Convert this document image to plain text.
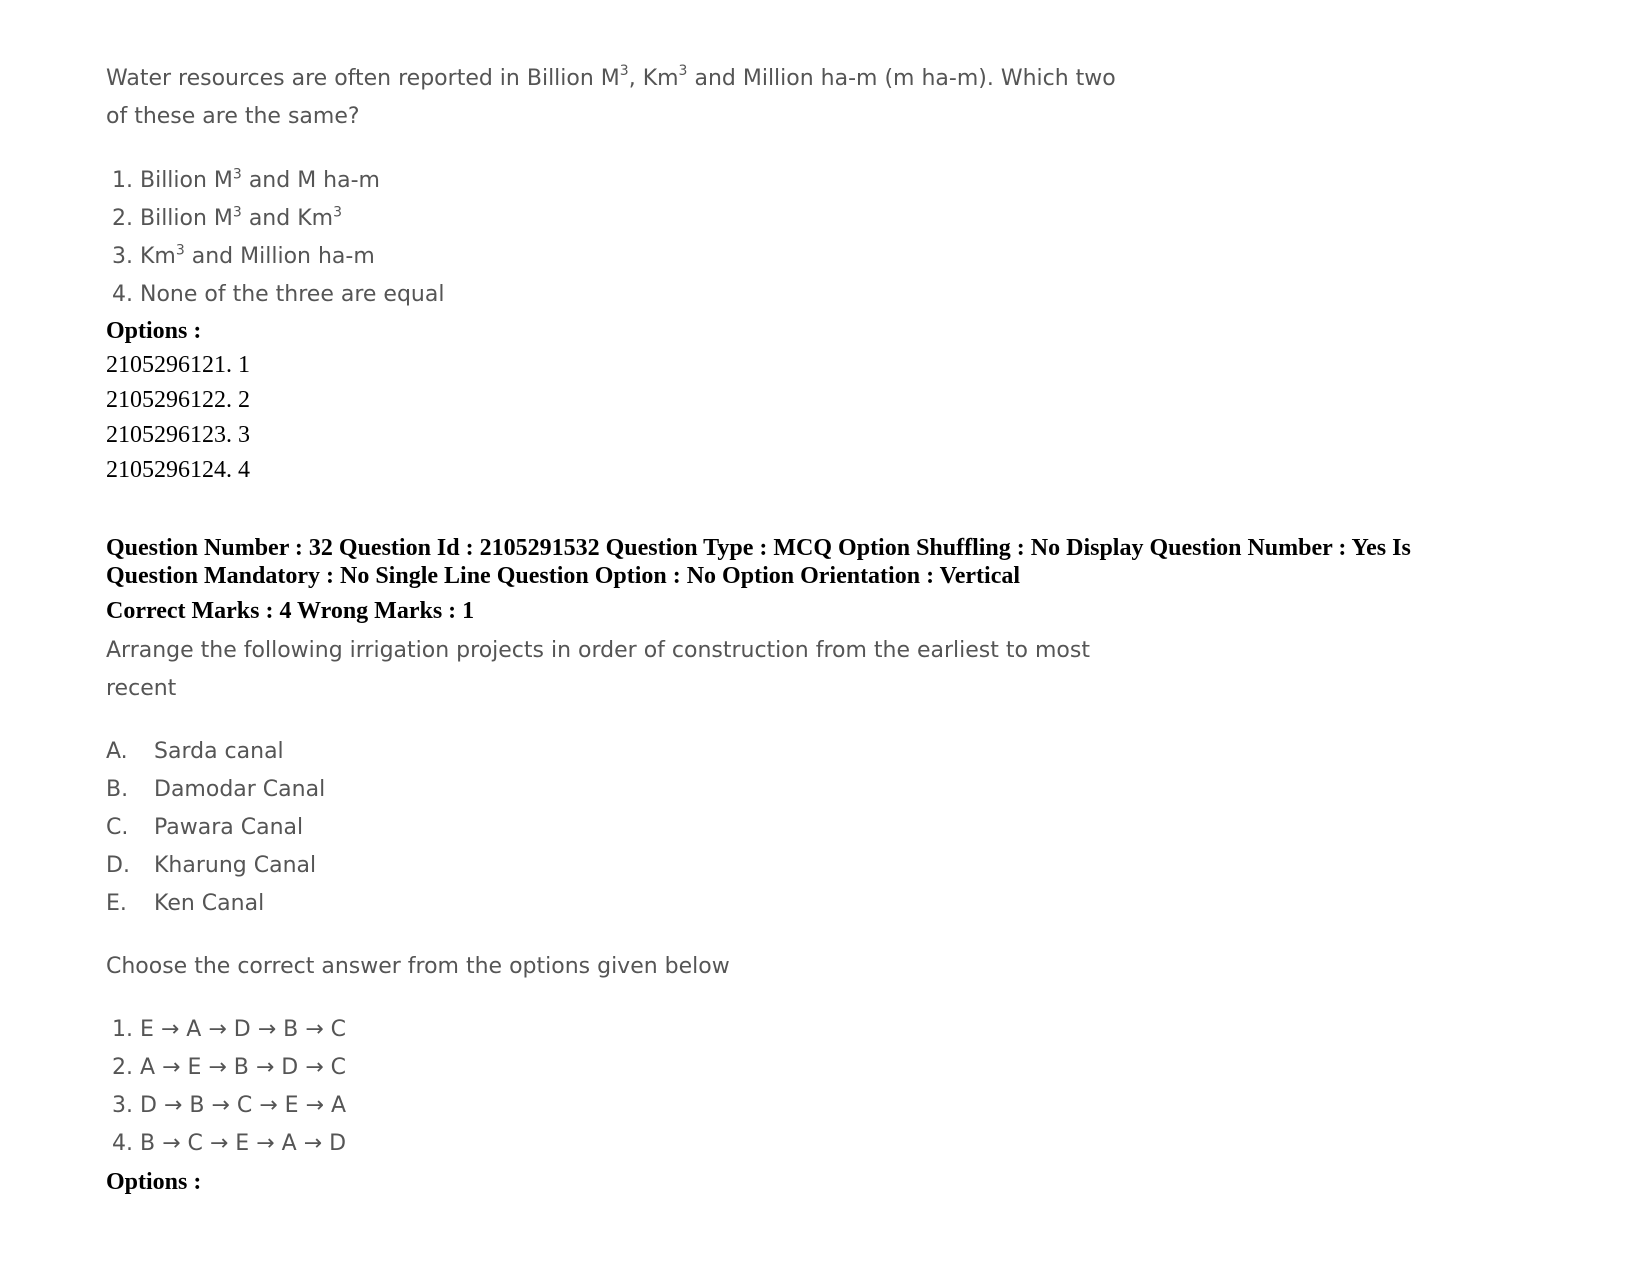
Water resources are often reported in Billion $M^3$, Km$^3$ and Million ha-m (m ha-m). Which two
of these are the same?
1. Billion $M^3$ and M ha-m
2. Billion $M^3$ and Km$^3$
3. Km$^3$ and Million ha-m
4. None of the three are equal
Options :
2105296121. 1
2105296122. 2
2105296123. 3
2105296124. 4
Question Number : 32 Question Id : 2105291532 Question Type : MCQ Option Shuffling : No Display Question Number : Yes Is
Question Mandatory : No Single Line Question Option : No Option Orientation : Vertical
Correct Marks : 4 Wrong Marks : 1
Arrange the following irrigation projects in order of construction from the earliest to most
recent
A. Sarda canal
B. Damodar Canal
C. Pawara Canal
D. Kharung Canal
E. Ken Canal
Choose the correct answer from the options given below
1. E → A → D → B → C
2. A → E → B → D → C
3. D → B → C → E → A
4. B → C → E → A → D
Options :
